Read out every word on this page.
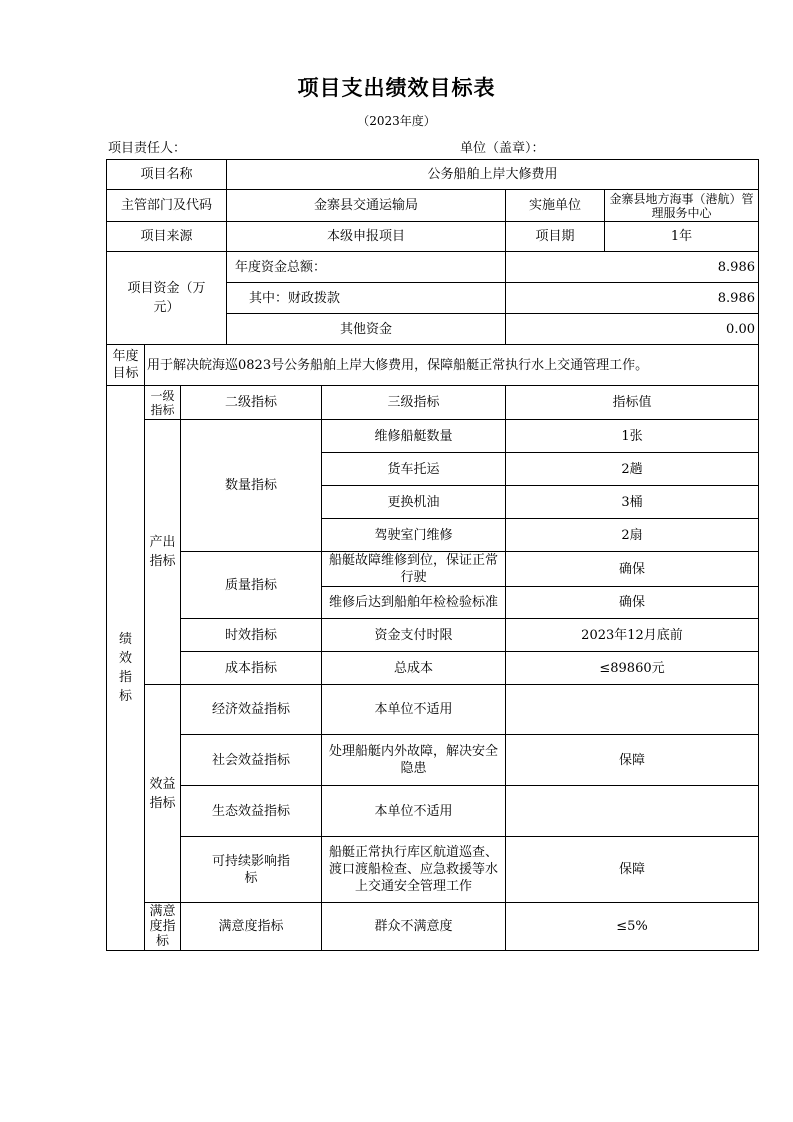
项目支出绩效目标表
（2023年度）
项目责任人：	单位（盖章）：
项目名称			公务船舶上岸大修费用			
主管部门及代码			金寨县交通运输局		实施单位	金寨县地方海事（港航）管理服务中心
项目来源			本级申报项目		项目期	1年

项目资金（万元）			年度资金总额：		8.986	
			其中：财政拨款		8.986	
			其他资金		0.00	

年度目标	用于解决皖海巡0823号公务船舶上岸大修费用，保障船艇正常执行水上交通管理工作。					

绩效指标	一级指标	二级指标		三级指标	指标值	

	产出指标	数量指标		维修船艇数量	1张	
				货车托运	2趟	
				更换机油	3桶	
				驾驶室门维修	2扇	
		质量指标		船艇故障维修到位，保证正常行驶	确保	
				维修后达到船舶年检检验标准	确保	
		时效指标		资金支付时限	2023年12月底前	
		成本指标		总成本	≤89860元	

	效益指标	经济效益指标		本单位不适用		
		社会效益指标		处理船艇内外故障，解决安全隐患	保障	
		生态效益指标		本单位不适用		

		可持续影响指标		船艇正常执行库区航道巡查、渡口渡船检查、应急救援等水上交通安全管理工作	保障	

	满意度指标	满意度指标		群众不满意度	≤5%	
